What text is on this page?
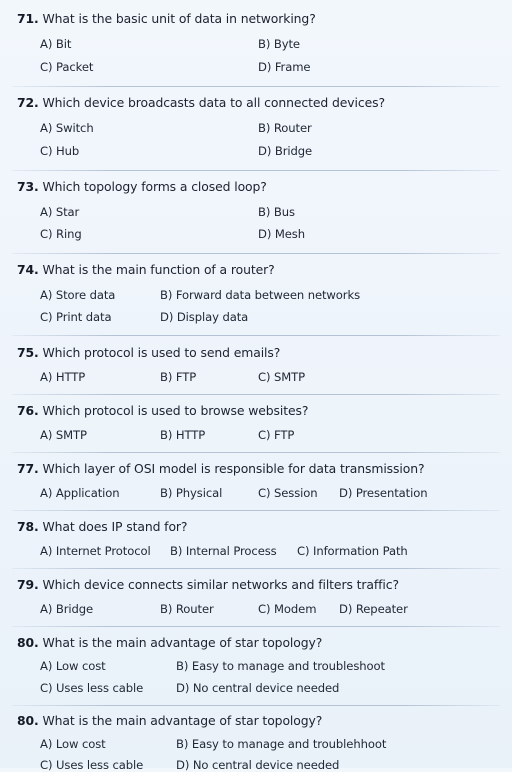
71. What is the basic unit of data in networking?
A) Bit	B) Byte
C) Packet	D) Frame
72. Which device broadcasts data to all connected devices?
A) Switch	B) Router
C) Hub	D) Bridge
73. Which topology forms a closed loop?
A) Star	B) Bus
C) Ring	D) Mesh
74. What is the main function of a router?
A) Store data	B) Forward data between networks
C) Print data	D) Display data
75. Which protocol is used to send emails?
A) HTTP	B) FTP	C) SMTP
76. Which protocol is used to browse websites?
A) SMTP	B) HTTP	C) FTP
77. Which layer of OSI model is responsible for data transmission?
A) Application	B) Physical	C) Session D) Presentation
78. What does IP stand for?
A) Internet Protocol B) Internal Process C) Information Path
79. Which device connects similar networks and filters traffic?
A) Bridge	B) Router	C) Modem D) Repeater
80. What is the main advantage of star topology?
A) Low cost	B) Easy to manage and troubleshoot
C) Uses less cable	D) No central device needed
80. What is the main advantage of star topology?
A) Low cost	B) Easy to manage and troublehhoot
C) Uses less cable	D) No central device needed
